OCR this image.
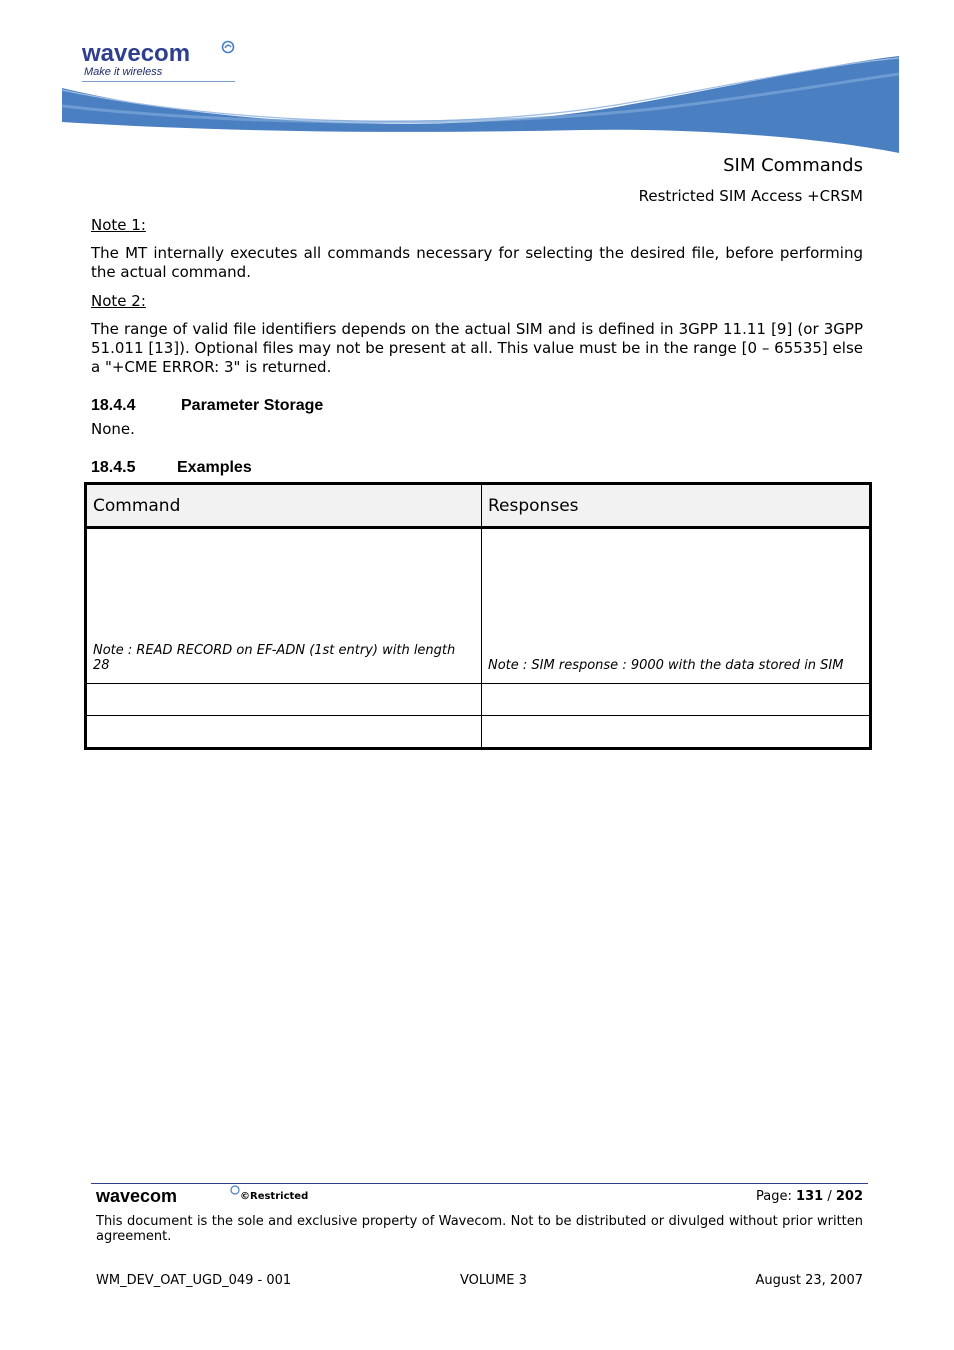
wavecom
Make it wireless
SIM Commands
Restricted SIM Access +CRSM
Note 1:
The MT internally executes all commands necessary for selecting the desired file, before performing the actual command.
Note 2:
The range of valid file identifiers depends on the actual SIM and is defined in 3GPP 11.11 [9] (or 3GPP 51.011 [13]). Optional files may not be present at all. This value must be in the range [0 – 65535] else a "+CME ERROR: 3" is returned.
18.4.4	Parameter Storage
None.
18.4.5	Examples
Command	Responses
Note : READ RECORD on EF-ADN (1st entry) with length 28	Note : SIM response : 9000 with the data stored in SIM

wavecom	©Restricted	Page: 131 / 202
This document is the sole and exclusive property of Wavecom. Not to be distributed or divulged without prior written agreement.
WM_DEV_OAT_UGD_049 - 001	VOLUME 3	August 23, 2007
